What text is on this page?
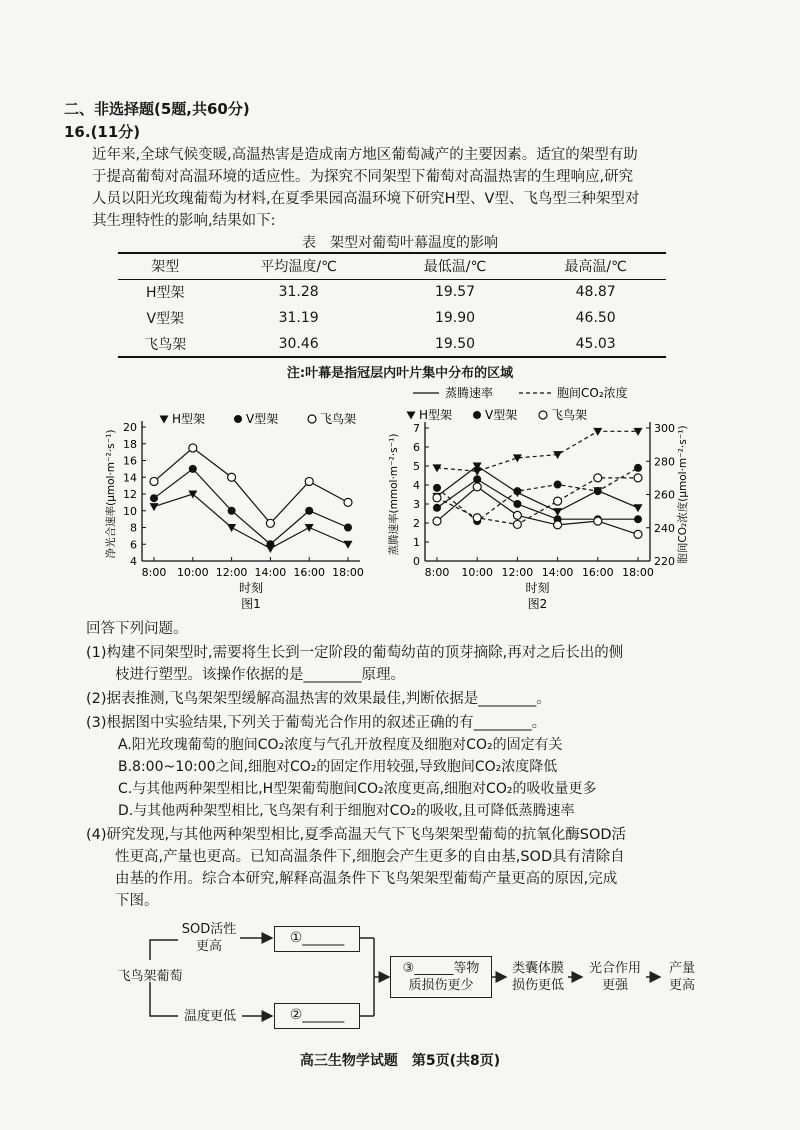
二、非选择题(5题,共60分)
16.(11分)
近年来,全球气候变暖,高温热害是造成南方地区葡萄减产的主要因素。适宜的架型有助
于提高葡萄对高温环境的适应性。为探究不同架型下葡萄对高温热害的生理响应,研究
人员以阳光玫瑰葡萄为材料,在夏季果园高温环境下研究H型、V型、飞鸟型三种架型对
其生理特性的影响,结果如下:
表　架型对葡萄叶幕温度的影响
架型	平均温度/℃	最低温/℃	最高温/℃
H型架	31.28	19.57	48.87
V型架	31.19	19.90	46.50
飞鸟架	30.46	19.50	45.03
注:叶幕是指冠层内叶片集中分布的区域
4
6
8
10
12
14
16
18
20
8:00 10:00 12:00 14:00 16:00 18:00
时刻
图1
净光合速率(μmol·m⁻²·s⁻¹)
H型架	V型架	飞鸟架
0
1
2
3
4
5
6
7
220
240
260
280
300
8:00 10:00 12:00 14:00 16:00 18:00
时刻
图2
蒸腾速率(mmol·m⁻²·s⁻¹)	胞间CO₂浓度(μmol·m⁻²·s⁻¹)
H型架	V型架	飞鸟架
蒸腾速率	胞间CO₂浓度
回答下列问题。
(1)构建不同架型时,需要将生长到一定阶段的葡萄幼苗的顶芽摘除,再对之后长出的侧
　　枝进行塑型。该操作依据的是________原理。
(2)据表推测,飞鸟架架型缓解高温热害的效果最佳,判断依据是________。
(3)根据图中实验结果,下列关于葡萄光合作用的叙述正确的有________。
A.阳光玫瑰葡萄的胞间CO₂浓度与气孔开放程度及细胞对CO₂的固定有关
B.8:00~10:00之间,细胞对CO₂的固定作用较强,导致胞间CO₂浓度降低
C.与其他两种架型相比,H型架葡萄胞间CO₂浓度更高,细胞对CO₂的吸收量更多
D.与其他两种架型相比,飞鸟架有利于细胞对CO₂的吸收,且可降低蒸腾速率
(4)研究发现,与其他两种架型相比,夏季高温天气下飞鸟架架型葡萄的抗氧化酶SOD活
　　性更高,产量也更高。已知高温条件下,细胞会产生更多的自由基,SOD具有清除自
　　由基的作用。综合本研究,解释高温条件下飞鸟架架型葡萄产量更高的原因,完成
　　下图。
飞鸟架葡萄
SOD活性
更高
温度更低
①______
②______
③______等物
质损伤更少
类囊体膜
损伤更低
光合作用
更强
产量
更高
高三生物学试题　第5页(共8页)
